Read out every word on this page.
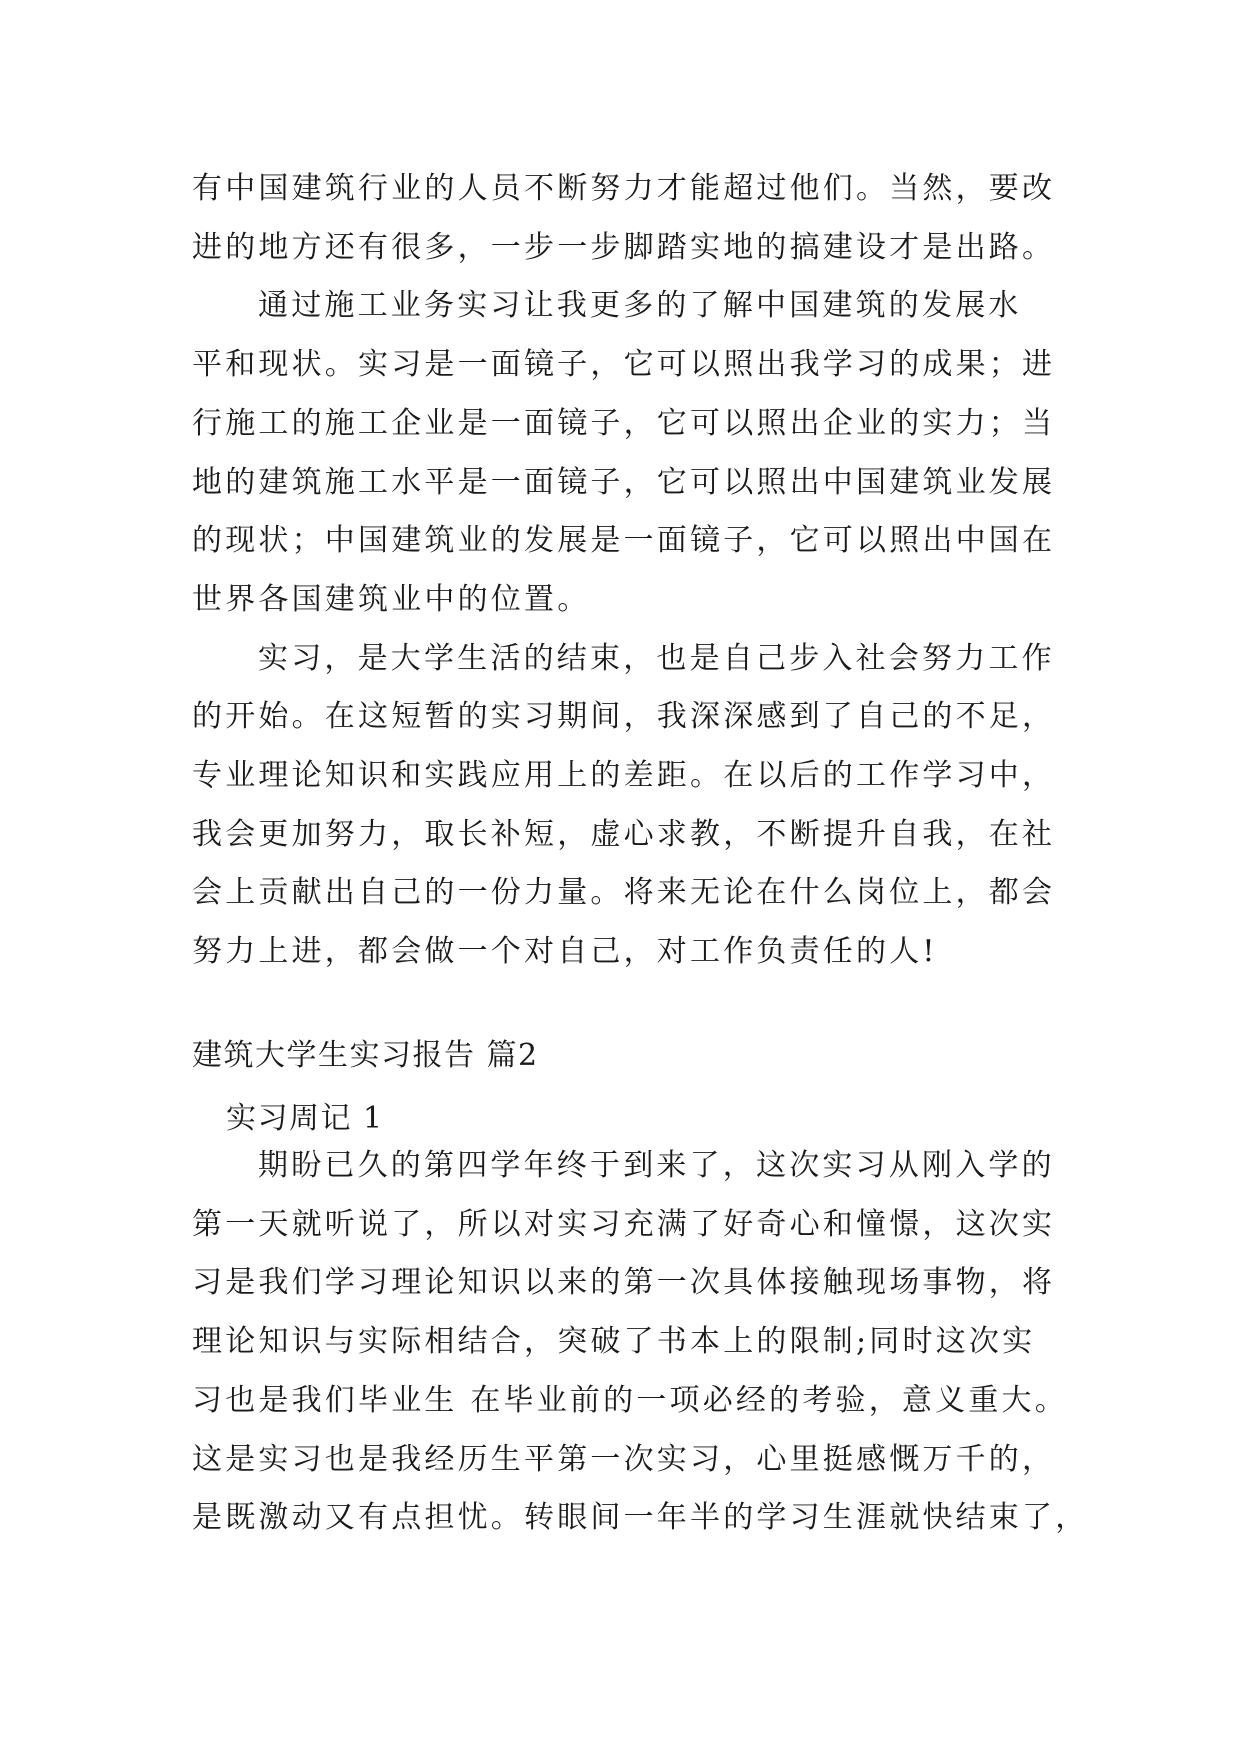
有中国建筑行业的人员不断努力才能超过他们。当然，要改
进的地方还有很多，一步一步脚踏实地的搞建设才是出路。
通过施工业务实习让我更多的了解中国建筑的发展水
平和现状。实习是一面镜子，它可以照出我学习的成果；进
行施工的施工企业是一面镜子，它可以照出企业的实力；当
地的建筑施工水平是一面镜子，它可以照出中国建筑业发展
的现状；中国建筑业的发展是一面镜子，它可以照出中国在
世界各国建筑业中的位置。
实习，是大学生活的结束，也是自己步入社会努力工作
的开始。在这短暂的实习期间，我深深感到了自己的不足，
专业理论知识和实践应用上的差距。在以后的工作学习中，
我会更加努力，取长补短，虚心求教，不断提升自我，在社
会上贡献出自己的一份力量。将来无论在什么岗位上，都会
努力上进，都会做一个对自己，对工作负责任的人!
建筑大学生实习报告 篇2
实习周记 1
期盼已久的第四学年终于到来了，这次实习从刚入学的
第一天就听说了，所以对实习充满了好奇心和憧憬，这次实
习是我们学习理论知识以来的第一次具体接触现场事物，将
理论知识与实际相结合，突破了书本上的限制;同时这次实
习也是我们毕业生 在毕业前的一项必经的考验，意义重大。
这是实习也是我经历生平第一次实习，心里挺感慨万千的，
是既激动又有点担忧。转眼间一年半的学习生涯就快结束了，
